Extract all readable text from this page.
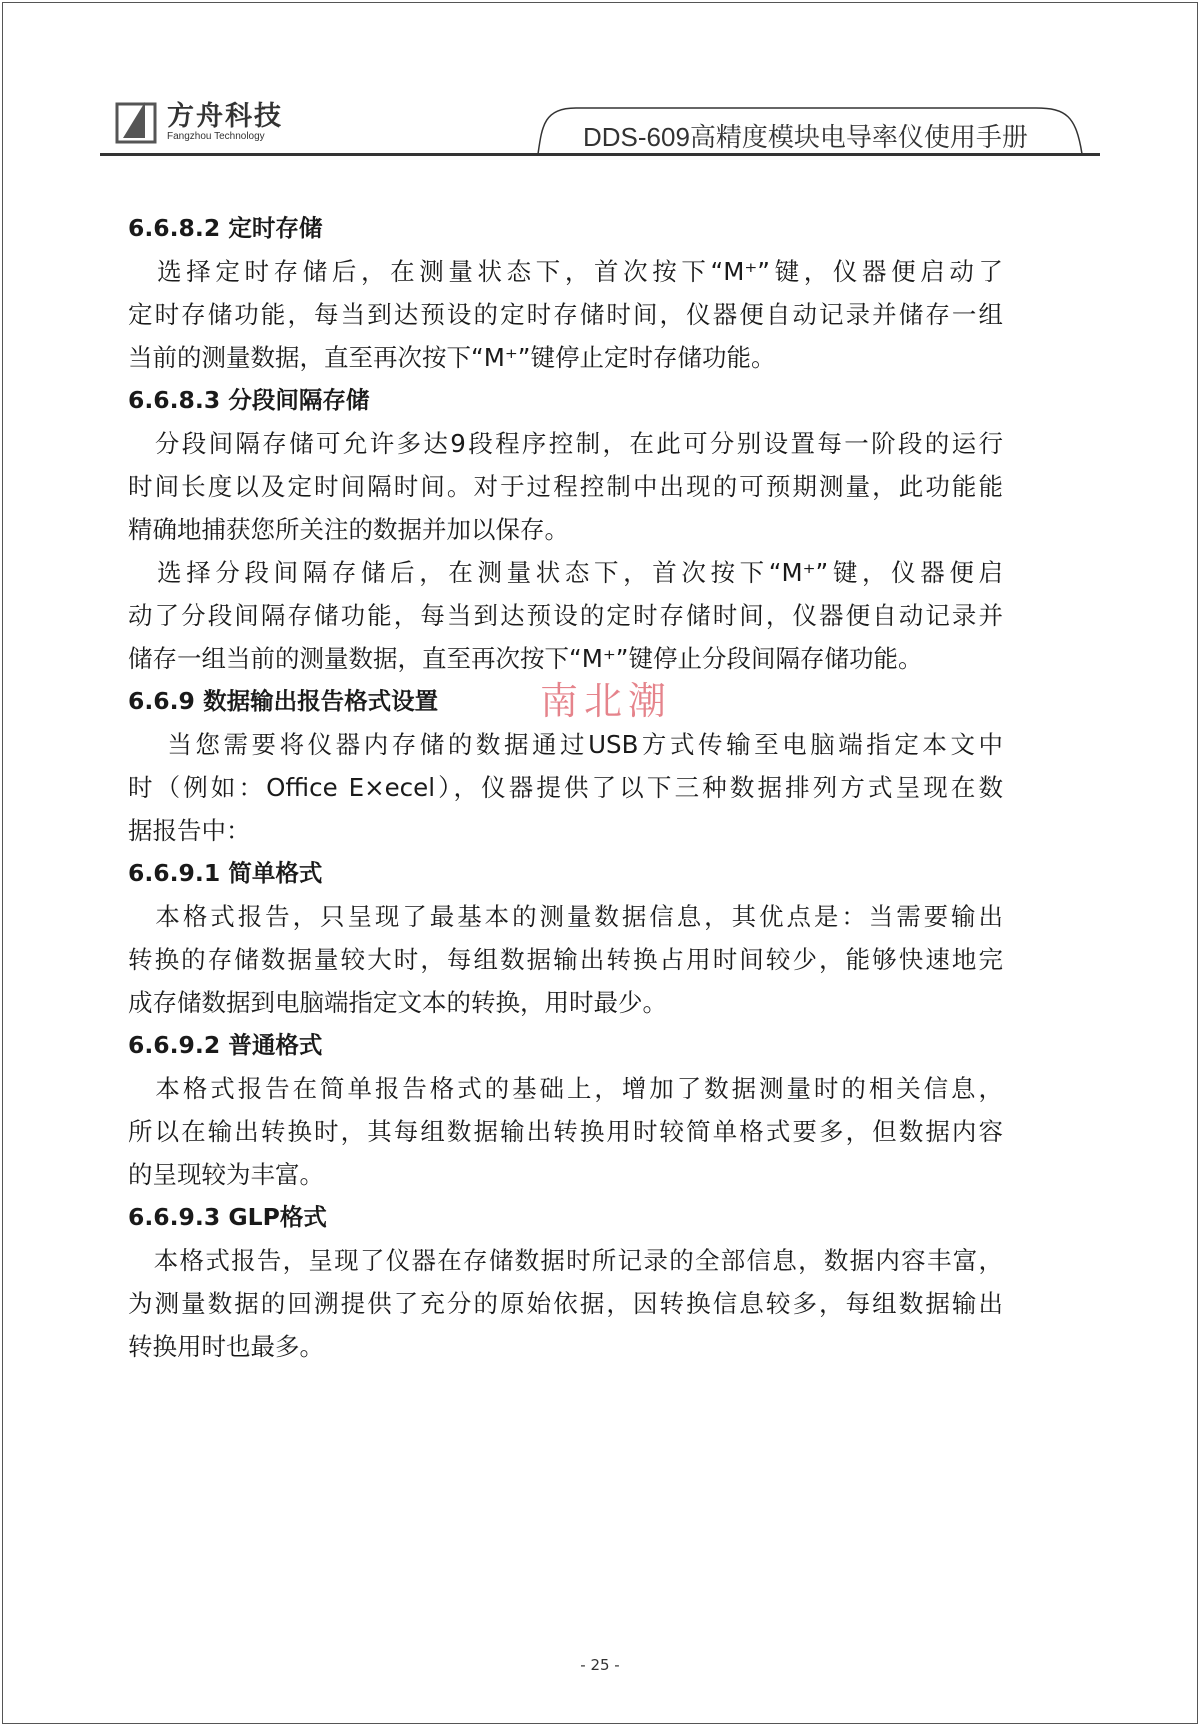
方舟科技
Fangzhou Technology	DDS-609高精度模块电导率仪使用手册
6.6.8.2 定时存储
　选择定时存储后，在测量状态下，首次按下“M⁺”键，仪器便启动了
定时存储功能，每当到达预设的定时存储时间，仪器便自动记录并储存一组
当前的测量数据，直至再次按下“M⁺”键停止定时存储功能。
6.6.8.3 分段间隔存储
　分段间隔存储可允许多达9段程序控制，在此可分别设置每一阶段的运行
时间长度以及定时间隔时间。对于过程控制中出现的可预期测量，此功能能
精确地捕获您所关注的数据并加以保存。
　选择分段间隔存储后，在测量状态下，首次按下“M⁺”键，仪器便启
动了分段间隔存储功能，每当到达预设的定时存储时间，仪器便自动记录并
储存一组当前的测量数据，直至再次按下“M⁺”键停止分段间隔存储功能。
6.6.9 数据输出报告格式设置
　 当您需要将仪器内存储的数据通过USB方式传输至电脑端指定本文中
时（例如：Office E×ecel），仪器提供了以下三种数据排列方式呈现在数
据报告中：
6.6.9.1 简单格式
　本格式报告，只呈现了最基本的测量数据信息，其优点是：当需要输出
转换的存储数据量较大时，每组数据输出转换占用时间较少，能够快速地完
成存储数据到电脑端指定文本的转换，用时最少。
6.6.9.2 普通格式
　本格式报告在简单报告格式的基础上，增加了数据测量时的相关信息，
所以在输出转换时，其每组数据输出转换用时较简单格式要多，但数据内容
的呈现较为丰富。
6.6.9.3 GLP格式
　本格式报告，呈现了仪器在存储数据时所记录的全部信息，数据内容丰富，
为测量数据的回溯提供了充分的原始依据，因转换信息较多，每组数据输出
转换用时也最多。
南北潮
- 25 -
